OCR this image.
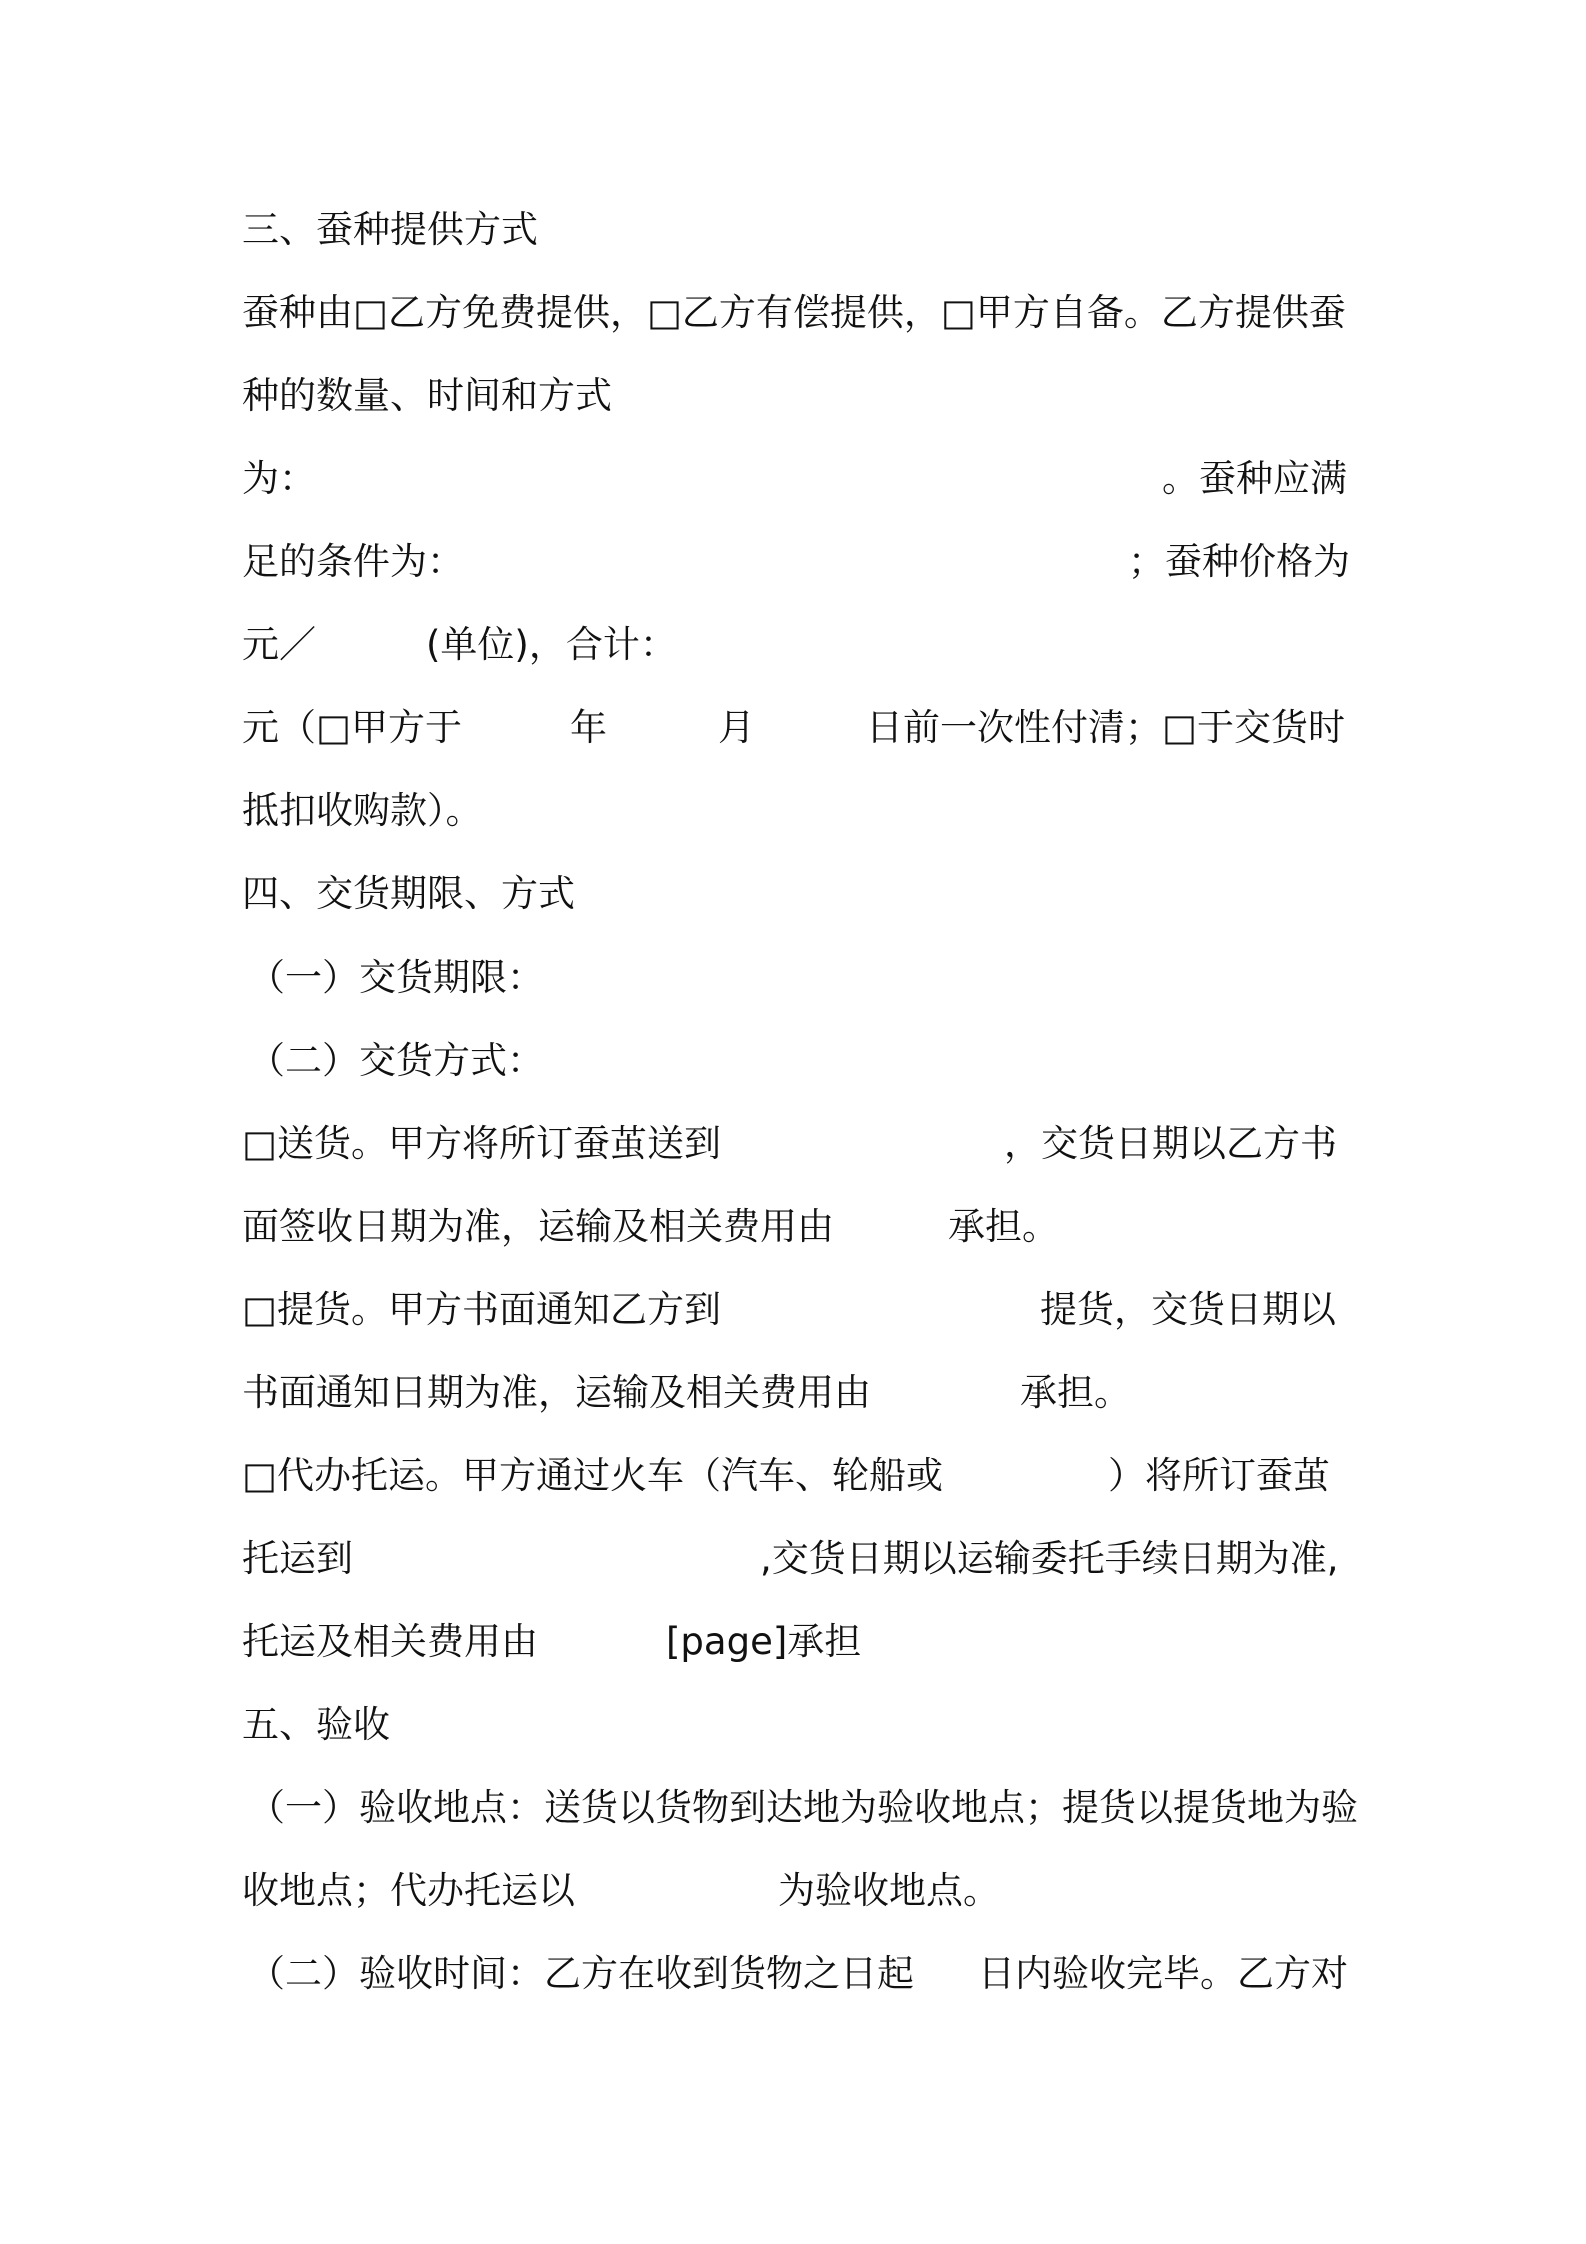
三、蚕种提供方式
蚕种由□乙方免费提供，□乙方有偿提供，□甲方自备。乙方提供蚕
种的数量、时间和方式
为：	。蚕种应满
足的条件为：	；蚕种价格为
元／	(单位)，合计：
元（□甲方于	年	月	日前一次性付清；□于交货时
抵扣收购款）。
四、交货期限、方式
（一）交货期限：
（二）交货方式：
□送货。甲方将所订蚕茧送到	，交货日期以乙方书
面签收日期为准，运输及相关费用由	承担。
□提货。甲方书面通知乙方到	提货，交货日期以
书面通知日期为准，运输及相关费用由	承担。
□代办托运。甲方通过火车（汽车、轮船或	）将所订蚕茧
托运到	,交货日期以运输委托手续日期为准,
托运及相关费用由	[page]承担
五、验收
（一）验收地点：送货以货物到达地为验收地点；提货以提货地为验
收地点；代办托运以	为验收地点。
（二）验收时间：乙方在收到货物之日起 日内验收完毕。乙方对
